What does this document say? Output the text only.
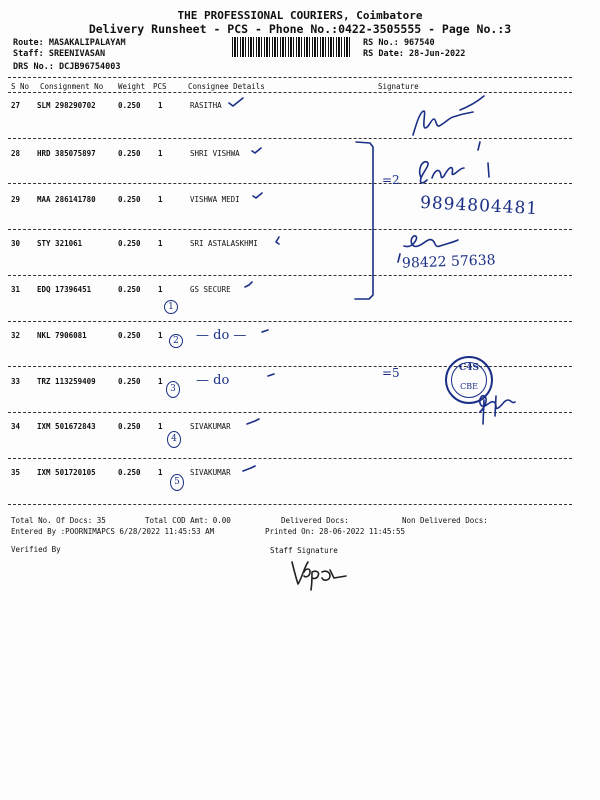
THE PROFESSIONAL COURIERS, Coimbatore
Delivery Runsheet - PCS - Phone No.:0422-3505555 - Page No.:3
Route: MASAKALIPALAYAM
Staff: SREENIVASAN
DRS No.: DCJB96754003
RS No.: 967540
RS Date: 28-Jun-2022
S No Consignment No Weight PCS	Consignee Details	Signature
27 SLM 298290702	0.250 1	RASITHA
28 HRD 385075897	0.250 1	SHRI VISHWA
29 MAA 286141780	0.250 1	VISHWA MEDI
30 STY 321061	0.250 1	SRI ASTALASKHMI
31 EDQ 17396451	0.250 1	GS SECURE
32 NKL 7906081	0.250 1
33 TRZ 113259409	0.250 1
34 IXM 501672843	0.250 1	SIVAKUMAR
35 IXM 501720105	0.250 1	SIVAKUMAR
Total No. Of Docs: 35	Total COD Amt: 0.00	Delivered Docs:	Non Delivered Docs:
Entered By :POORNIMAPCS 6/28/2022 11:45:53 AM	Printed On: 28-06-2022 11:45:55
Verified By	Staff Signature
— do —
— do
9894804481
98422 57638
=2
=5
1
2
3
4
5
C4S
CBE
